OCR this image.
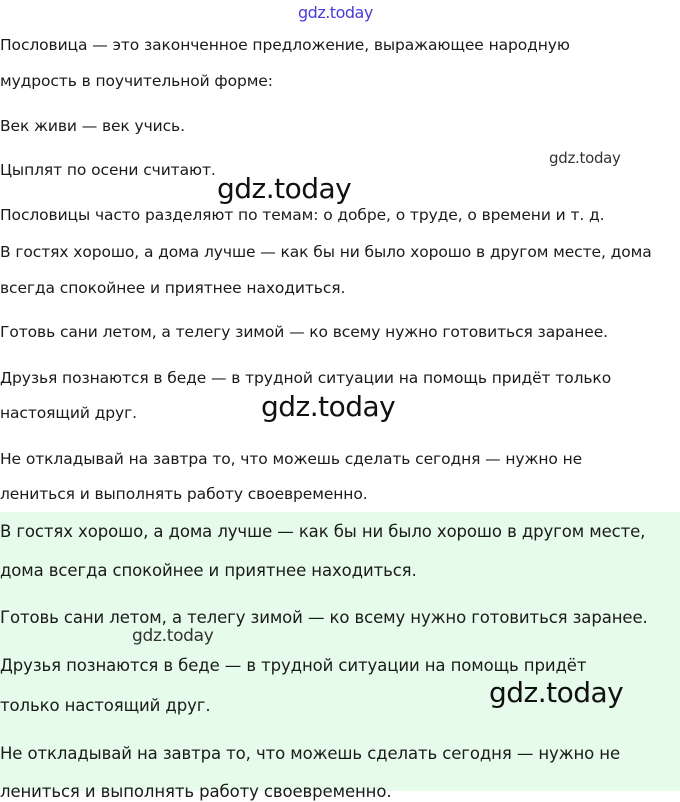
Пословица — это законченное предложение, выражающее народную

мудрость в поучительной форме:

Век живи — век учись.

Цыплят по осени считают.

Пословицы часто разделяют по темам: о добре, о труде, о времени и т. д.

В гостях хорошо, а дома лучше — как бы ни было хорошо в другом месте, дома

всегда спокойнее и приятнее находиться.

Готовь сани летом, а телегу зимой — ко всему нужно готовиться заранее.

Друзья познаются в беде — в трудной ситуации на помощь придёт только

настоящий друг.

Не откладывай на завтра то, что можешь сделать сегодня — нужно не

лениться и выполнять работу своевременно.

В гостях хорошо, а дома лучше — как бы ни было хорошо в другом месте,

дома всегда спокойнее и приятнее находиться.

Готовь сани летом, а телегу зимой — ко всему нужно готовиться заранее.

Друзья познаются в беде — в трудной ситуации на помощь придёт

только настоящий друг.

Не откладывай на завтра то, что можешь сделать сегодня — нужно не

лениться и выполнять работу своевременно.

gdz.today
gdz.today
gdz.today
gdz.today
gdz.today
gdz.today
